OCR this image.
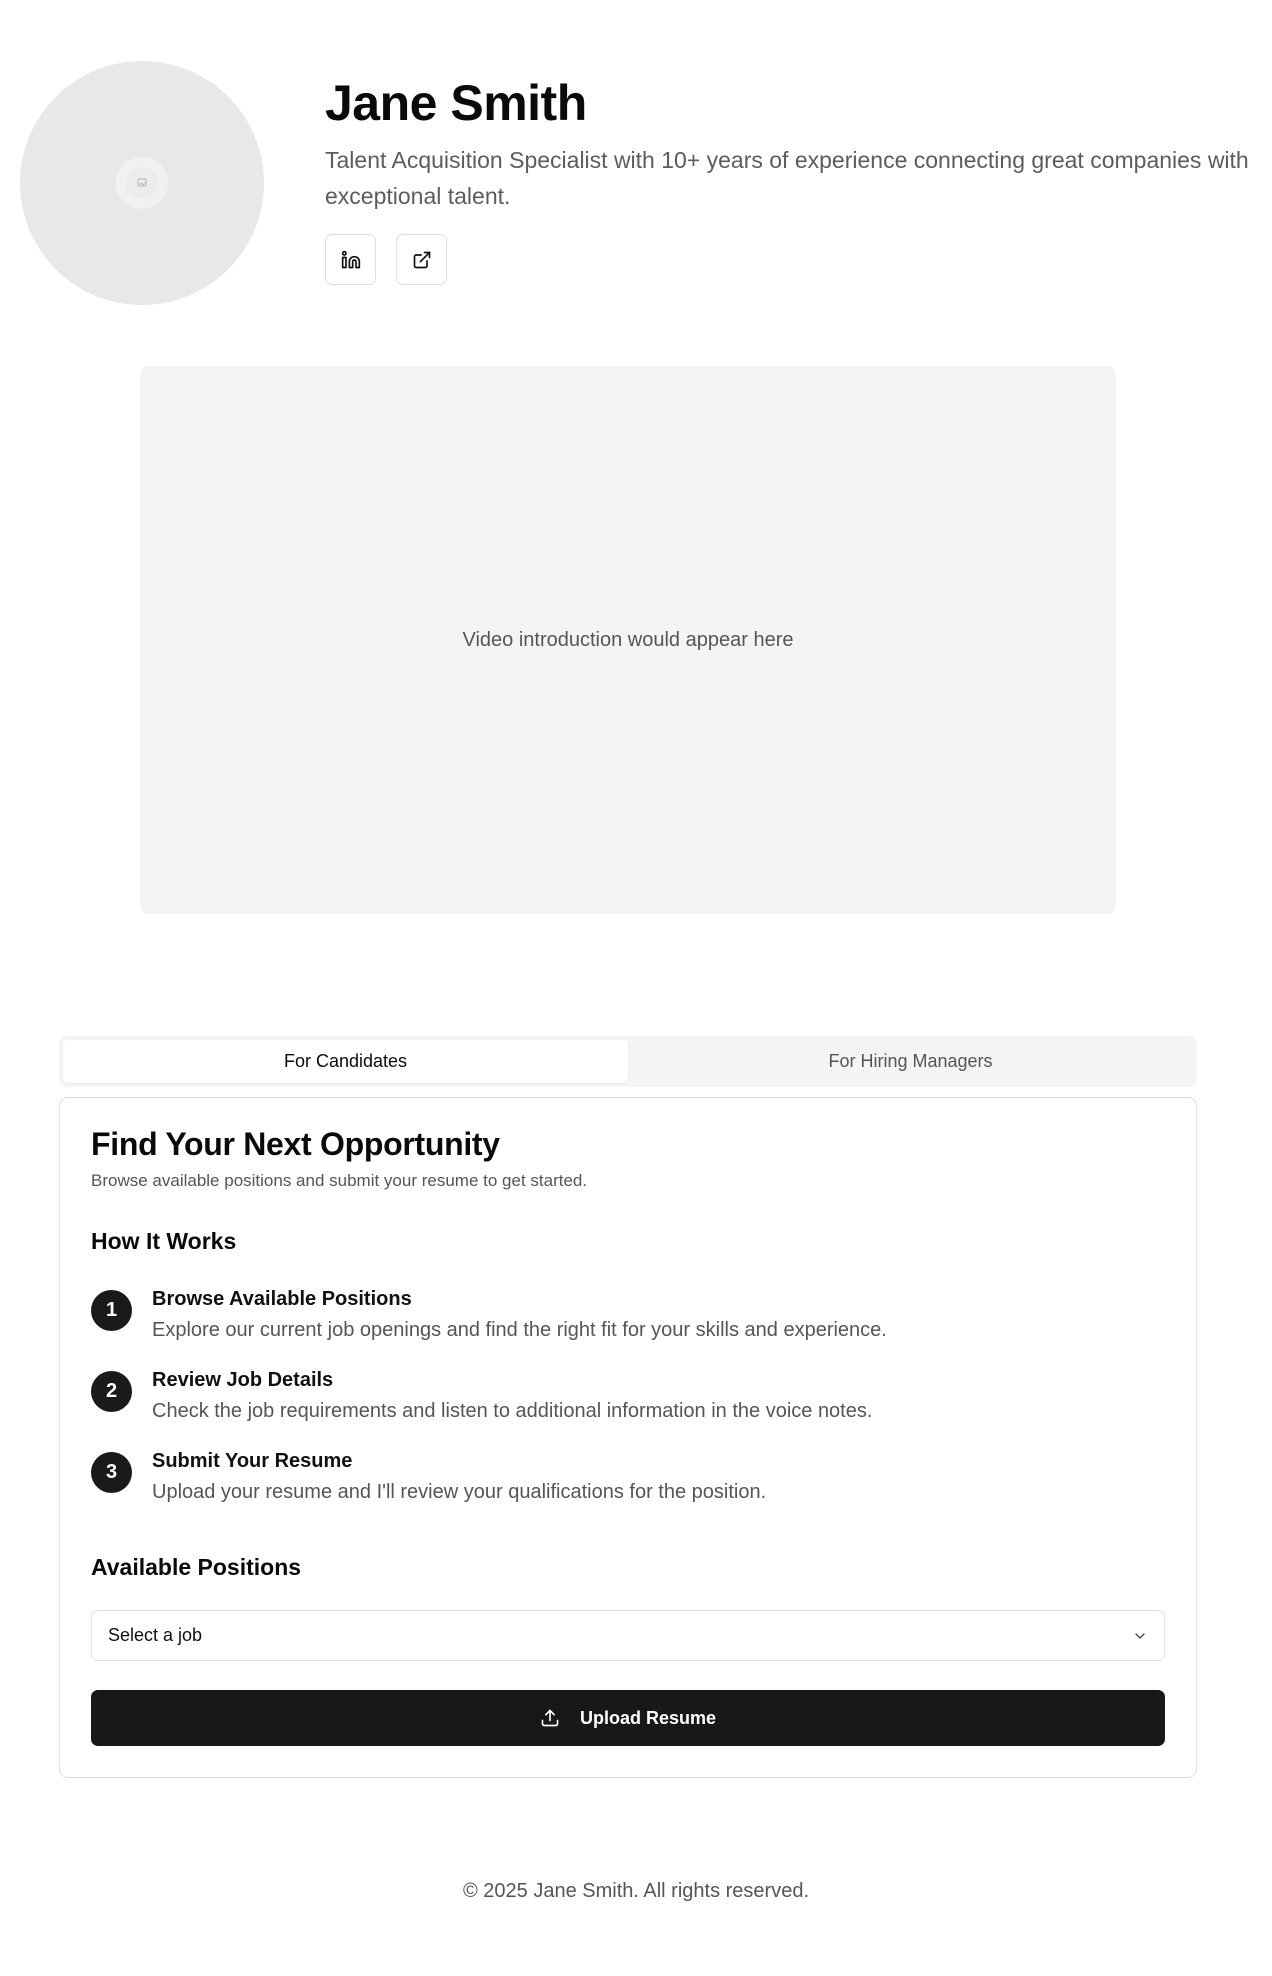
Jane Smith
Talent Acquisition Specialist with 10+ years of experience connecting great companies with exceptional talent.
Video introduction would appear here
For Candidates	For Hiring Managers
Find Your Next Opportunity
Browse available positions and submit your resume to get started.
How It Works
1	Browse Available Positions
Explore our current job openings and find the right fit for your skills and experience.
2	Review Job Details
Check the job requirements and listen to additional information in the voice notes.
3	Submit Your Resume
Upload your resume and I'll review your qualifications for the position.
Available Positions
Select a job
Upload Resume
© 2025 Jane Smith. All rights reserved.
